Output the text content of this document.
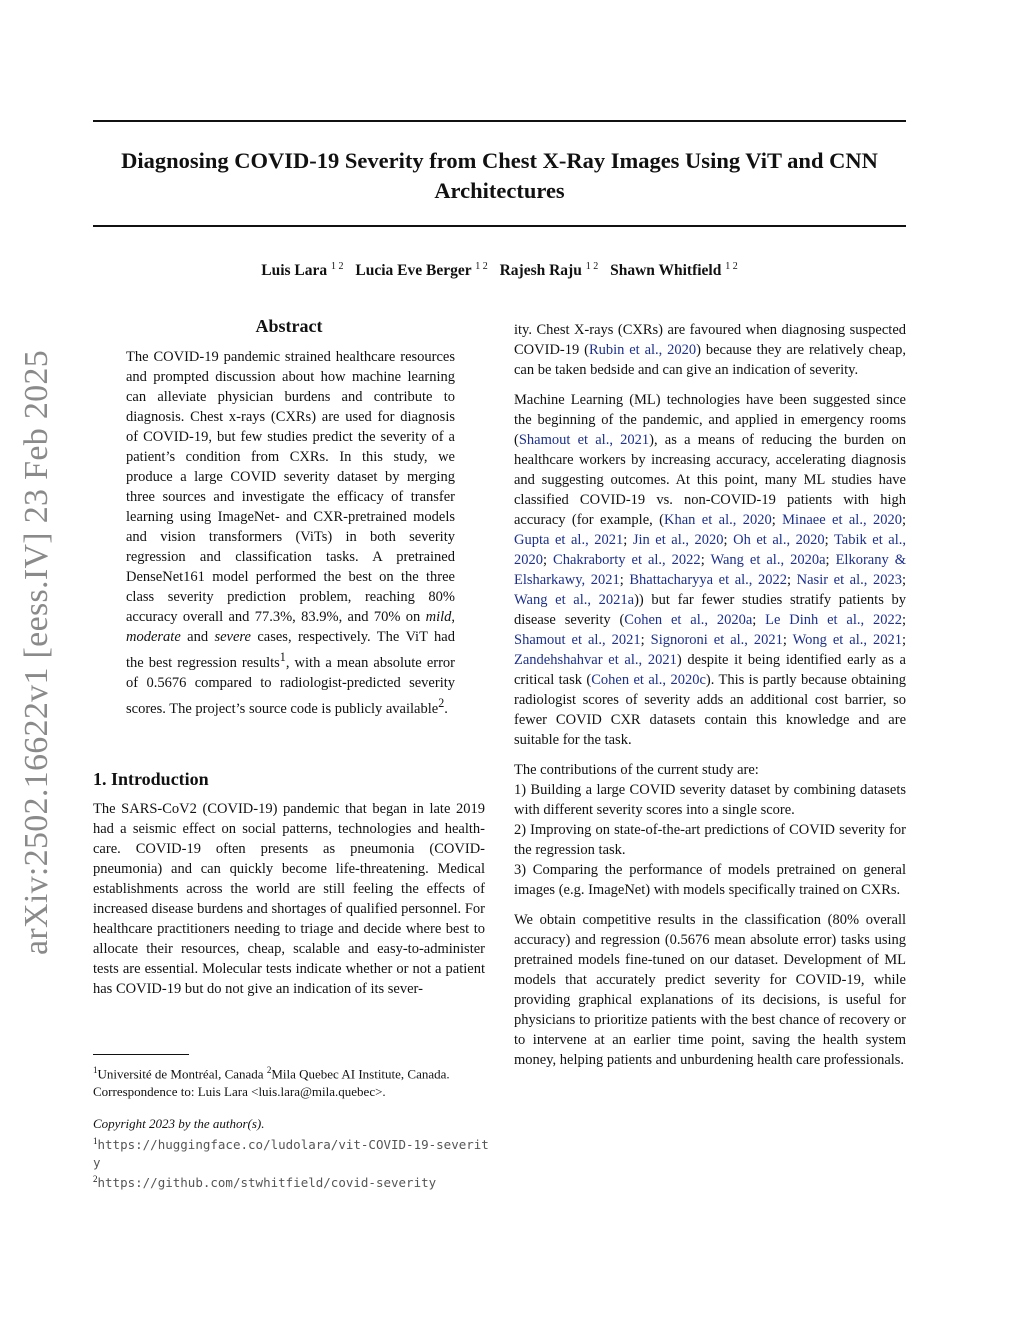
Diagnosing COVID-19 Severity from Chest X-Ray Images Using ViT and CNN Architectures
Luis Lara $^{1 2}$ Lucia Eve Berger $^{1 2}$ Rajesh Raju $^{1 2}$ Shawn Whitfield $^{1 2}$
arXiv:2502.16622v1 [eess.IV] 23 Feb 2025
Abstract

The COVID-19 pandemic strained healthcare resources and prompted discussion about how machine learning can alleviate physician burdens and contribute to diagnosis. Chest x-rays (CXRs) are used for diagnosis of COVID-19, but few studies predict the severity of a patient’s condition from CXRs. In this study, we produce a large COVID severity dataset by merging three sources and investigate the efficacy of transfer learning using ImageNet- and CXR-pretrained models and vision transformers (ViTs) in both severity regression and classification tasks. A pretrained DenseNet161 model performed the best on the three class severity prediction problem, reaching 80% accuracy overall and 77.3%, 83.9%, and 70% on mild, moderate and severe cases, respectively. The ViT had the best regression results$^1$, with a mean absolute error of 0.5676 compared to radiologist-predicted severity scores. The project’s source code is publicly available$^2$.

1. Introduction

The SARS-CoV2 (COVID-19) pandemic that began in late 2019 had a seismic effect on social patterns, technologies and health-care. COVID-19 often presents as pneumonia (COVID-pneumonia) and can quickly become life-threatening. Medical establishments across the world are still feeling the effects of increased disease burdens and shortages of qualified personnel. For healthcare practitioners needing to triage and decide where best to allocate their resources, cheap, scalable and easy-to-administer tests are essential. Molecular tests indicate whether or not a patient has COVID-19 but do not give an indication of its sever-

ity. Chest X-rays (CXRs) are favoured when diagnosing suspected COVID-19 (Rubin et al., 2020) because they are relatively cheap, can be taken bedside and can give an indication of severity.

Machine Learning (ML) technologies have been suggested since the beginning of the pandemic, and applied in emergency rooms (Shamout et al., 2021), as a means of reducing the burden on healthcare workers by increasing accuracy, accelerating diagnosis and suggesting outcomes. At this point, many ML studies have classified COVID-19 vs. non-COVID-19 patients with high accuracy (for example, (Khan et al., 2020; Minaee et al., 2020; Gupta et al., 2021; Jin et al., 2020; Oh et al., 2020; Tabik et al., 2020; Chakraborty et al., 2022; Wang et al., 2020a; Elkorany & Elsharkawy, 2021; Bhattacharyya et al., 2022; Nasir et al., 2023; Wang et al., 2021a)) but far fewer studies stratify patients by disease severity (Cohen et al., 2020a; Le Dinh et al., 2022; Shamout et al., 2021; Signoroni et al., 2021; Wong et al., 2021; Zandehshahvar et al., 2021) despite it being identified early as a critical task (Cohen et al., 2020c). This is partly because obtaining radiologist scores of severity adds an additional cost barrier, so fewer COVID CXR datasets contain this knowledge and are suitable for the task.

The contributions of the current study are:

1) Building a large COVID severity dataset by combining datasets with different severity scores into a single score.

2) Improving on state-of-the-art predictions of COVID severity for the regression task.

3) Comparing the performance of models pretrained on general images (e.g. ImageNet) with models specifically trained on CXRs.

We obtain competitive results in the classification (80% overall accuracy) and regression (0.5676 mean absolute error) tasks using pretrained models fine-tuned on our dataset. Development of ML models that accurately predict severity for COVID-19, while providing graphical explanations of its decisions, is useful for physicians to prioritize patients with the best chance of recovery or to intervene at an earlier time point, saving the health system money, helping patients and unburdening health care professionals.

$^1$Université de Montréal, Canada $^2$Mila Quebec AI Institute, Canada. Correspondence to: Luis Lara <luis.lara@mila.quebec>.

Copyright 2023 by the author(s).

$^1$https://huggingface.co/ludolara/vit-COVID-19-severity

$^2$https://github.com/stwhitfield/covid-severity
